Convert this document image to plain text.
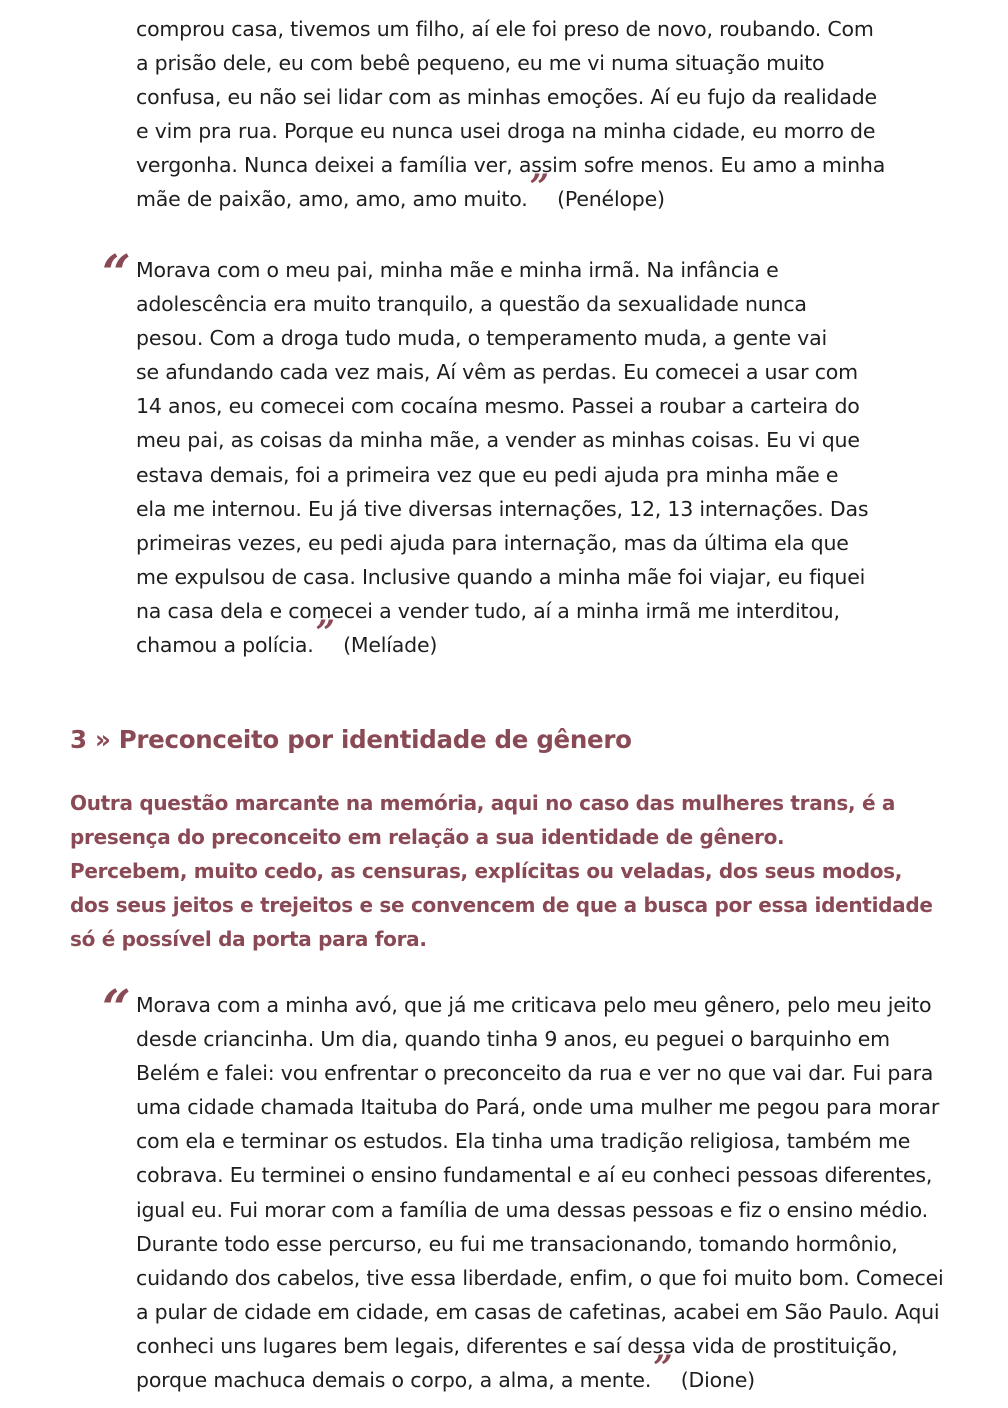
comprou casa, tivemos um filho, aí ele foi preso de novo, roubando. Com
a prisão dele, eu com bebê pequeno, eu me vi numa situação muito
confusa, eu não sei lidar com as minhas emoções. Aí eu fujo da realidade
e vim pra rua. Porque eu nunca usei droga na minha cidade, eu morro de
vergonha. Nunca deixei a família ver, assim sofre menos. Eu amo a minha
mãe de paixão, amo, amo, amo muito.” (Penélope)
“ Morava com o meu pai, minha mãe e minha irmã. Na infância e
adolescência era muito tranquilo, a questão da sexualidade nunca
pesou. Com a droga tudo muda, o temperamento muda, a gente vai
se afundando cada vez mais, Aí vêm as perdas. Eu comecei a usar com
14 anos, eu comecei com cocaína mesmo. Passei a roubar a carteira do
meu pai, as coisas da minha mãe, a vender as minhas coisas. Eu vi que
estava demais, foi a primeira vez que eu pedi ajuda pra minha mãe e
ela me internou. Eu já tive diversas internações, 12, 13 internações. Das
primeiras vezes, eu pedi ajuda para internação, mas da última ela que
me expulsou de casa. Inclusive quando a minha mãe foi viajar, eu fiquei
na casa dela e comecei a vender tudo, aí a minha irmã me interditou,
chamou a polícia.” (Melíade)
3 » Preconceito por identidade de gênero
Outra questão marcante na memória, aqui no caso das mulheres trans, é a
presença do preconceito em relação a sua identidade de gênero.
Percebem, muito cedo, as censuras, explícitas ou veladas, dos seus modos,
dos seus jeitos e trejeitos e se convencem de que a busca por essa identidade
só é possível da porta para fora.
“ Morava com a minha avó, que já me criticava pelo meu gênero, pelo meu jeito
desde criancinha. Um dia, quando tinha 9 anos, eu peguei o barquinho em
Belém e falei: vou enfrentar o preconceito da rua e ver no que vai dar. Fui para
uma cidade chamada Itaituba do Pará, onde uma mulher me pegou para morar
com ela e terminar os estudos. Ela tinha uma tradição religiosa, também me
cobrava. Eu terminei o ensino fundamental e aí eu conheci pessoas diferentes,
igual eu. Fui morar com a família de uma dessas pessoas e fiz o ensino médio.
Durante todo esse percurso, eu fui me transacionando, tomando hormônio,
cuidando dos cabelos, tive essa liberdade, enfim, o que foi muito bom. Comecei
a pular de cidade em cidade, em casas de cafetinas, acabei em São Paulo. Aqui
conheci uns lugares bem legais, diferentes e saí dessa vida de prostituição,
porque machuca demais o corpo, a alma, a mente.” (Dione)
